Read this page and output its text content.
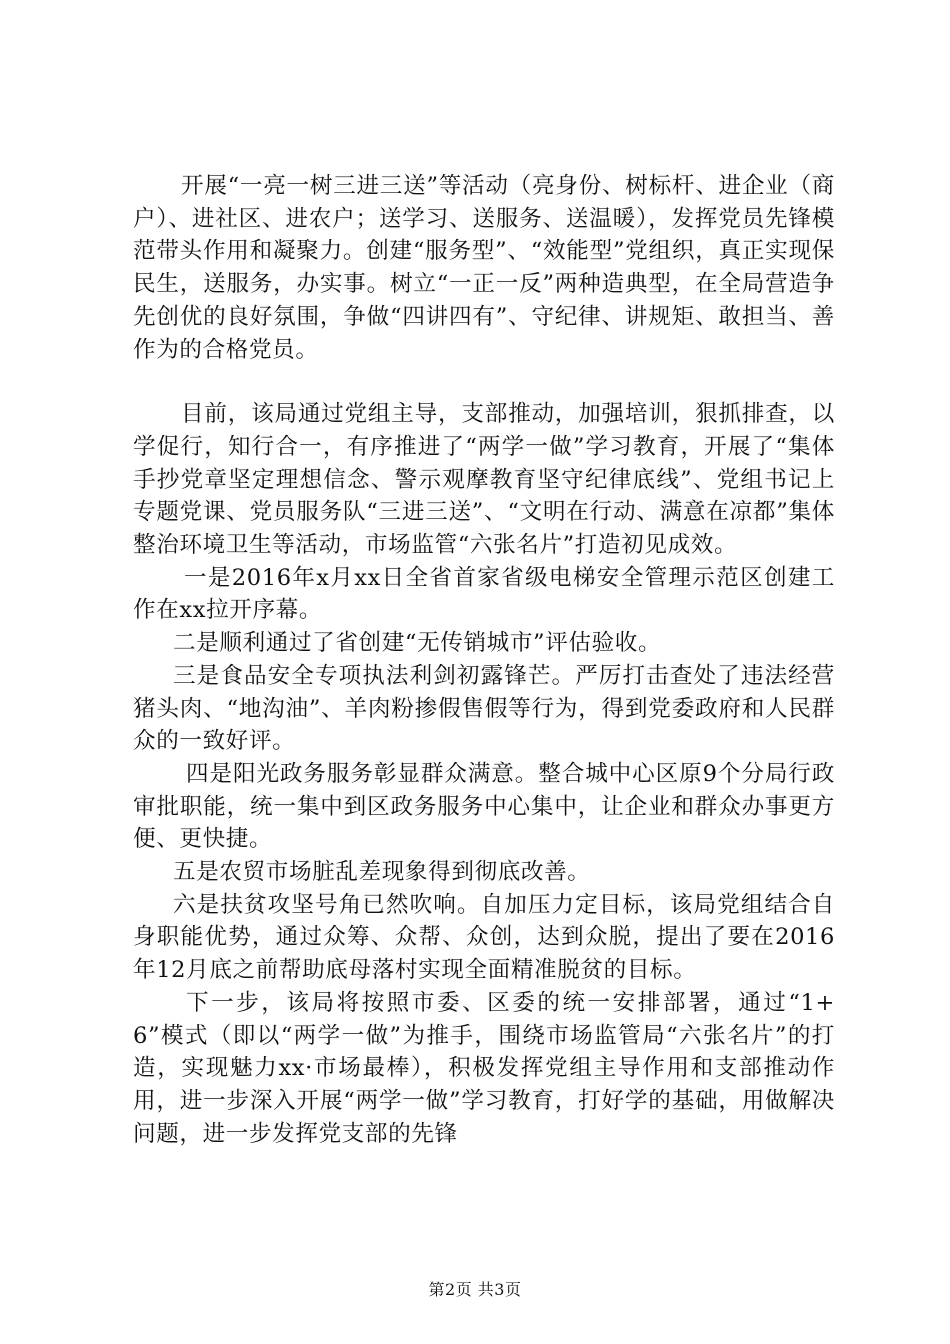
开展“一亮一树三进三送”等活动（亮身份、树标杆、进企业（商户）、进社区、进农户；送学习、送服务、送温暖），发挥党员先锋模范带头作用和凝聚力。创建“服务型”、“效能型”党组织，真正实现保民生，送服务，办实事。树立“一正一反”两种造典型，在全局营造争先创优的良好氛围，争做“四讲四有”、守纪律、讲规矩、敢担当、善作为的合格党员。

目前，该局通过党组主导，支部推动，加强培训，狠抓排查，以学促行，知行合一，有序推进了“两学一做”学习教育，开展了“集体手抄党章坚定理想信念、警示观摩教育坚守纪律底线”、党组书记上专题党课、党员服务队“三进三送”、“文明在行动、满意在凉都”集体整治环境卫生等活动，市场监管“六张名片”打造初见成效。

一是2016年x月xx日全省首家省级电梯安全管理示范区创建工作在xx拉开序幕。

二是顺利通过了省创建“无传销城市”评估验收。

三是食品安全专项执法利剑初露锋芒。严厉打击查处了违法经营猪头肉、“地沟油”、羊肉粉掺假售假等行为，得到党委政府和人民群众的一致好评。

四是阳光政务服务彰显群众满意。整合城中心区原9个分局行政审批职能，统一集中到区政务服务中心集中，让企业和群众办事更方便、更快捷。

五是农贸市场脏乱差现象得到彻底改善。

六是扶贫攻坚号角已然吹响。自加压力定目标，该局党组结合自身职能优势，通过众筹、众帮、众创，达到众脱，提出了要在2016年12月底之前帮助底母落村实现全面精准脱贫的目标。

下一步，该局将按照市委、区委的统一安排部署，通过“1+6”模式（即以“两学一做”为推手，围绕市场监管局“六张名片”的打造，实现魅力xx·市场最棒），积极发挥党组主导作用和支部推动作用，进一步深入开展“两学一做”学习教育，打好学的基础，用做解决问题，进一步发挥党支部的先锋

第2页 共3页
